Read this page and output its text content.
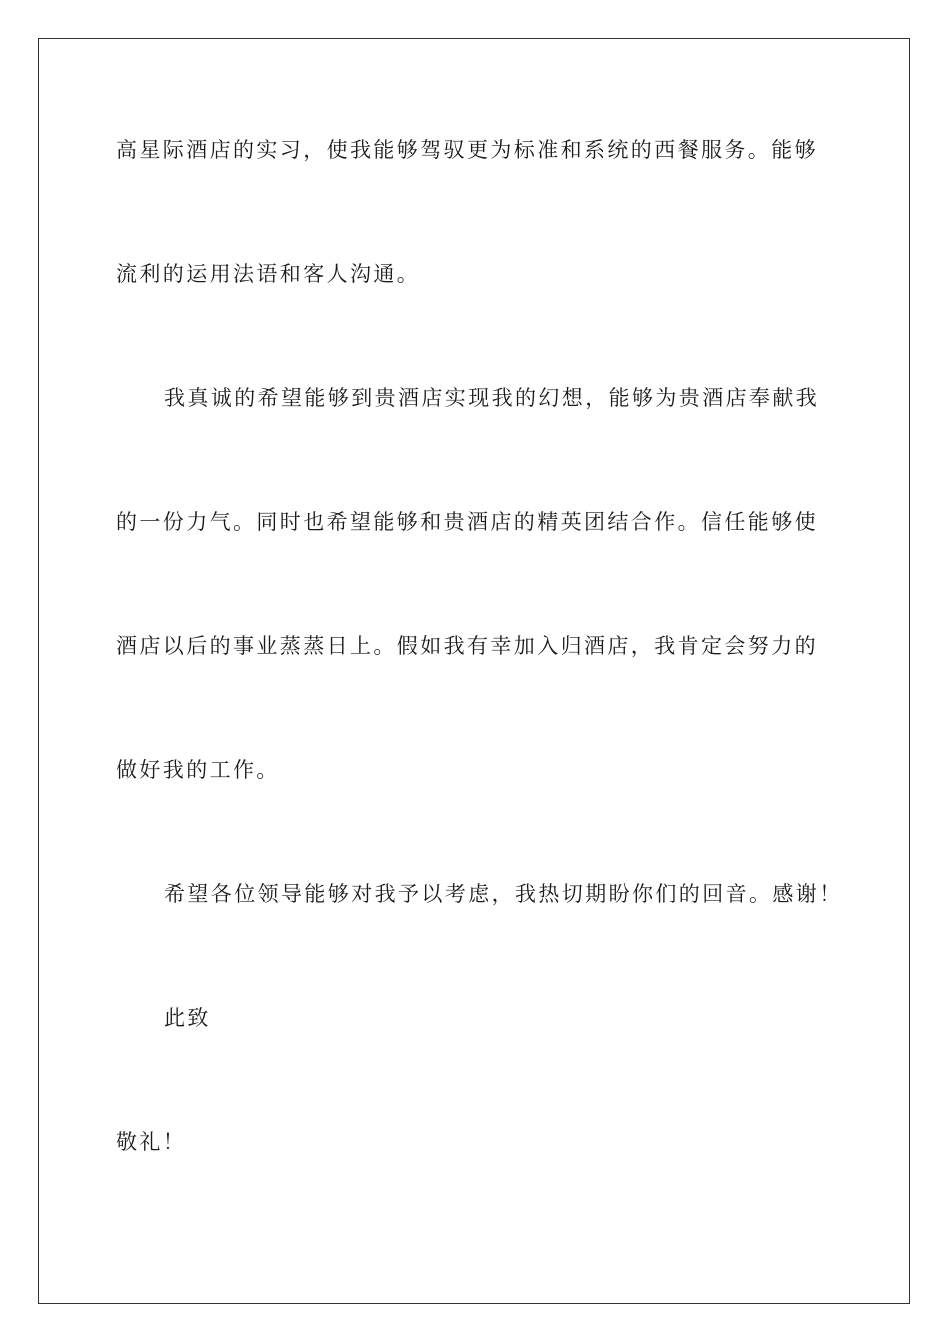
高星际酒店的实习，使我能够驾驭更为标准和系统的西餐服务。能够
流利的运用法语和客人沟通。
我真诚的希望能够到贵酒店实现我的幻想，能够为贵酒店奉献我
的一份力气。同时也希望能够和贵酒店的精英团结合作。信任能够使
酒店以后的事业蒸蒸日上。假如我有幸加入归酒店，我肯定会努力的
做好我的工作。
希望各位领导能够对我予以考虑，我热切期盼你们的回音。感谢！
此致
敬礼！
